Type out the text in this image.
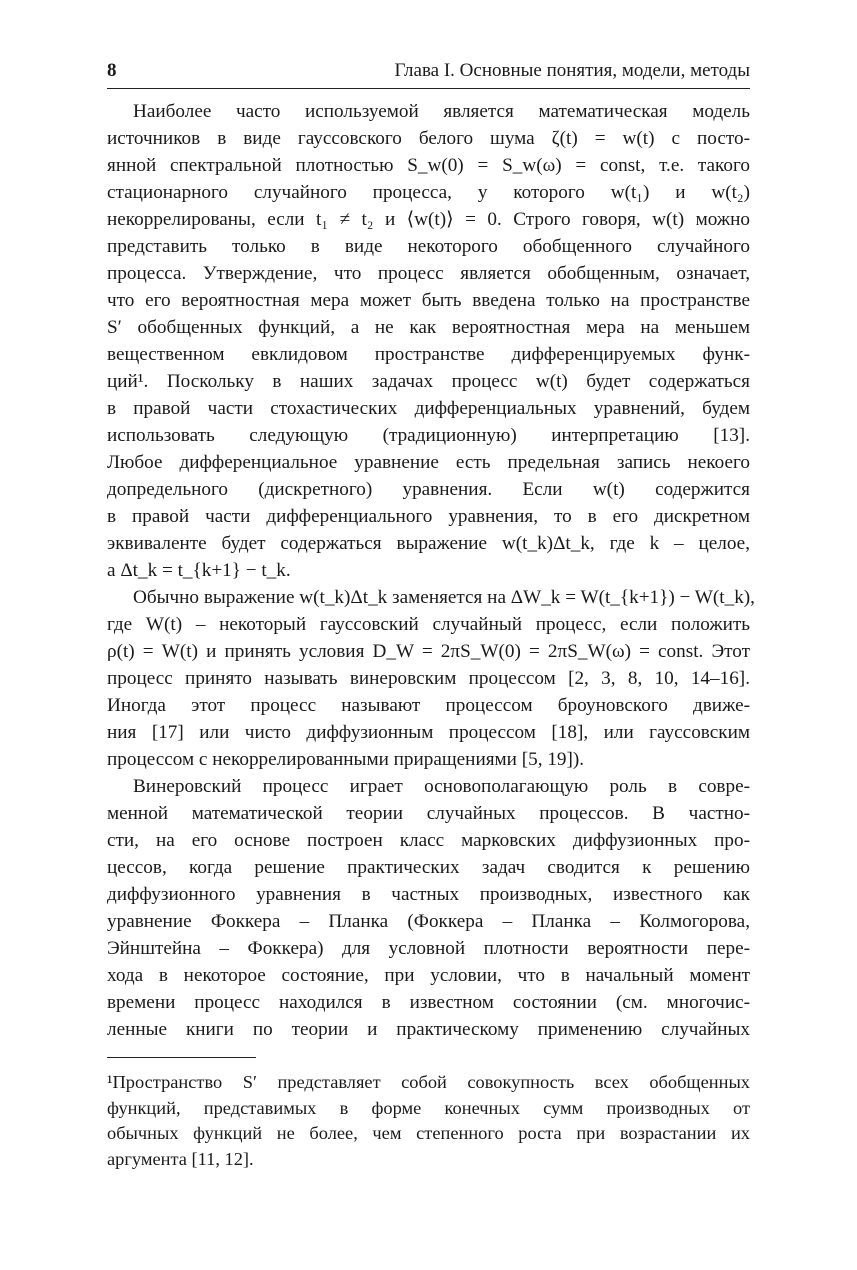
8	Глава I. Основные понятия, модели, методы
Наиболее часто используемой является математическая модель
источников в виде гауссовского белого шума ζ(t) = w(t) с посто-
янной спектральной плотностью S_w(0) = S_w(ω) = const, т.е. такого
стационарного случайного процесса, у которого w(t₁) и w(t₂)
некоррелированы, если t₁ ≠ t₂ и ⟨w(t)⟩ = 0. Строго говоря, w(t) можно
представить только в виде некоторого обобщенного случайного
процесса. Утверждение, что процесс является обобщенным, означает,
что его вероятностная мера может быть введена только на пространстве
S′ обобщенных функций, а не как вероятностная мера на меньшем
вещественном евклидовом пространстве дифференцируемых функ-
ций¹. Поскольку в наших задачах процесс w(t) будет содержаться
в правой части стохастических дифференциальных уравнений, будем
использовать следующую (традиционную) интерпретацию [13].
Любое дифференциальное уравнение есть предельная запись некоего
допредельного (дискретного) уравнения. Если w(t) содержится
в правой части дифференциального уравнения, то в его дискретном
эквиваленте будет содержаться выражение w(t_k)Δt_k, где k – целое,
а Δt_k = t_{k+1} − t_k.
Обычно выражение w(t_k)Δt_k заменяется на ΔW_k = W(t_{k+1}) − W(t_k),
где W(t) – некоторый гауссовский случайный процесс, если положить
ρ(t) = W(t) и принять условия D_W = 2πS_W(0) = 2πS_W(ω) = const. Этот
процесс принято называть винеровским процессом [2, 3, 8, 10, 14–16].
Иногда этот процесс называют процессом броуновского движе-
ния [17] или чисто диффузионным процессом [18], или гауссовским
процессом с некоррелированными приращениями [5, 19]).
Винеровский процесс играет основополагающую роль в совре-
менной математической теории случайных процессов. В частно-
сти, на его основе построен класс марковских диффузионных про-
цессов, когда решение практических задач сводится к решению
диффузионного уравнения в частных производных, известного как
уравнение Фоккера – Планка (Фоккера – Планка – Колмогорова,
Эйнштейна – Фоккера) для условной плотности вероятности пере-
хода в некоторое состояние, при условии, что в начальный момент
времени процесс находился в известном состоянии (см. многочис-
ленные книги по теории и практическому применению случайных
¹Пространство S′ представляет собой совокупность всех обобщенных
функций, представимых в форме конечных сумм производных от
обычных функций не более, чем степенного роста при возрастании их
аргумента [11, 12].
